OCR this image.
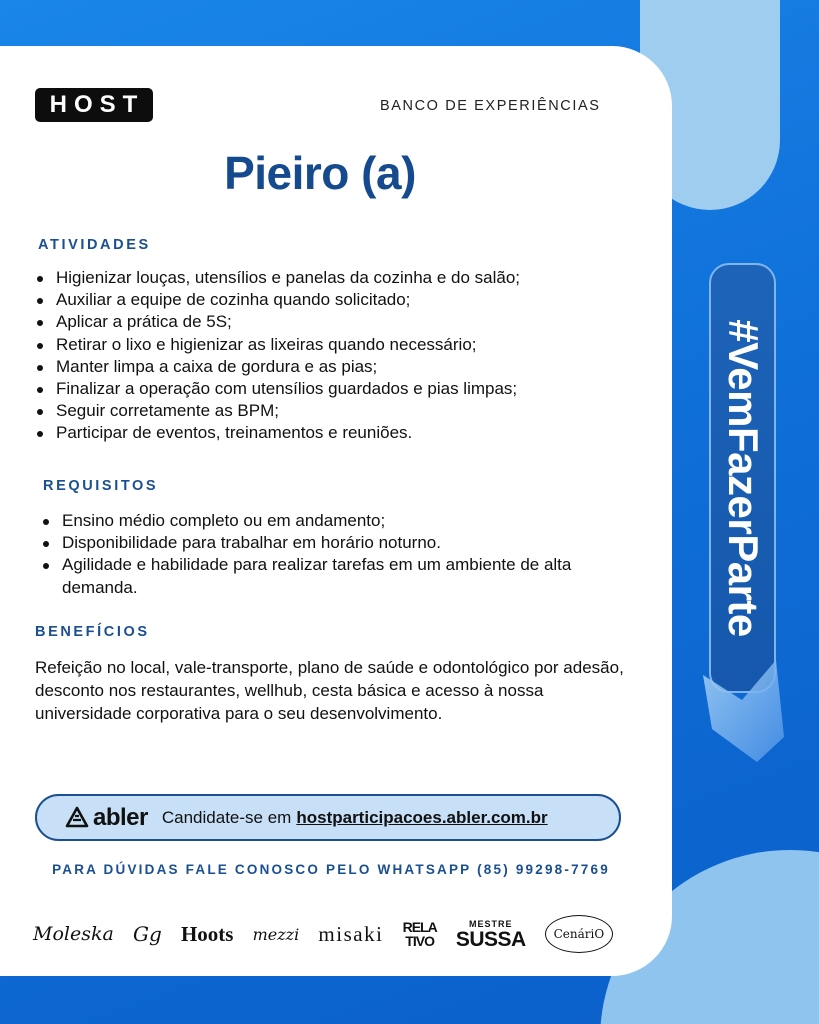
HOST	BANCO DE EXPERIÊNCIAS
Pieiro (a)
ATIVIDADES
Higienizar louças, utensílios e panelas da cozinha e do salão;
Auxiliar a equipe de cozinha quando solicitado;
Aplicar a prática de 5S;
Retirar o lixo e higienizar as lixeiras quando necessário;
Manter limpa a caixa de gordura e as pias;
Finalizar a operação com utensílios guardados e pias limpas;
Seguir corretamente as BPM;
Participar de eventos, treinamentos e reuniões.
REQUISITOS
Ensino médio completo ou em andamento;
Disponibilidade para trabalhar em horário noturno.
Agilidade e habilidade para realizar tarefas em um ambiente de alta demanda.
BENEFÍCIOS

Refeição no local, vale-transporte, plano de saúde e odontológico por adesão, desconto nos restaurantes, wellhub, cesta básica e acesso à nossa universidade corporativa para o seu desenvolvimento.

abler Candidate-se em hostparticipacoes.abler.com.br
PARA DÚVIDAS FALE CONOSCO PELO WHATSAPP (85) 99298-7769
Moleska Gg Hoots mezzi misaki RELA
TIVO
MESTRE
SUSSA CenáriO
#VemFazerParte
